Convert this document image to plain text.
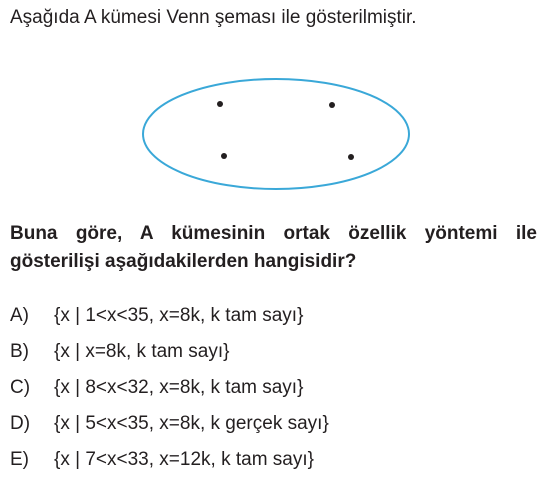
Aşağıda A kümesi Venn şeması ile gösterilmiştir.
Buna göre, A kümesinin ortak özellik yöntemi ile
gösterilişi aşağıdakilerden hangisidir?
A)	{x | 1<x<35, x=8k, k tam sayı}
B)	{x | x=8k, k tam sayı}
C)	{x | 8<x<32, x=8k, k tam sayı}
D)	{x | 5<x<35, x=8k, k gerçek sayı}
E)	{x | 7<x<33, x=12k, k tam sayı}
